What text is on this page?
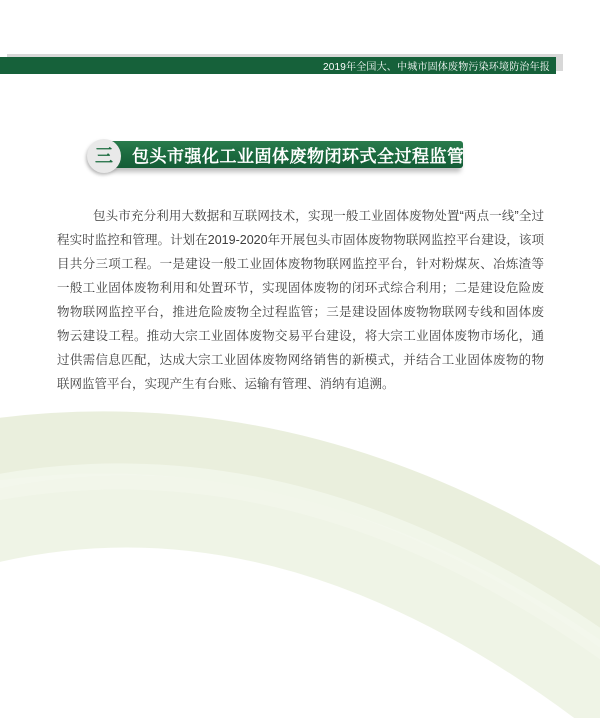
2019年全国大、中城市固体废物污染环境防治年报
三 包头市强化工业固体废物闭环式全过程监管

包头市充分利用大数据和互联网技术，实现一般工业固体废物处置“两点一线”全过程实时监控和管理。计划在2019-2020年开展包头市固体废物物联网监控平台建设，该项目共分三项工程。一是建设一般工业固体废物物联网监控平台，针对粉煤灰、冶炼渣等一般工业固体废物利用和处置环节，实现固体废物的闭环式综合利用；二是建设危险废物物联网监控平台，推进危险废物全过程监管；三是建设固体废物物联网专线和固体废物云建设工程。推动大宗工业固体废物交易平台建设，将大宗工业固体废物市场化，通过供需信息匹配，达成大宗工业固体废物网络销售的新模式，并结合工业固体废物的物联网监管平台，实现产生有台账、运输有管理、消纳有追溯。
